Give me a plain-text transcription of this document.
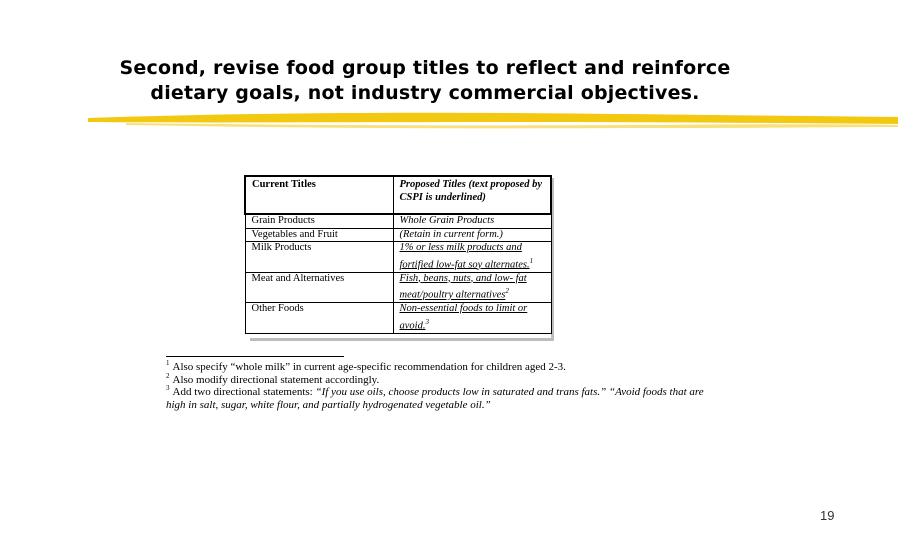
Second, revise food group titles to reflect and reinforce
dietary goals, not industry commercial objectives.
Current Titles	Proposed Titles (text proposed by CSPI is underlined)
Grain Products	Whole Grain Products
Vegetables and Fruit	(Retain in current form.)
Milk Products	1% or less milk products and fortified low-fat soy alternates.$^1$
Meat and Alternatives	Fish, beans, nuts, and low- fat meat/poultry alternatives$^2$
Other Foods	Non-essential foods to limit or avoid.$^3$

$^1$ Also specify “whole milk” in current age-specific recommendation for children aged 2-3.

$^2$ Also modify directional statement accordingly.

$^3$ Add two directional statements: “If you use oils, choose products low in saturated and trans fats.” “Avoid foods that are high in salt, sugar, white flour, and partially hydrogenated vegetable oil.”

19
